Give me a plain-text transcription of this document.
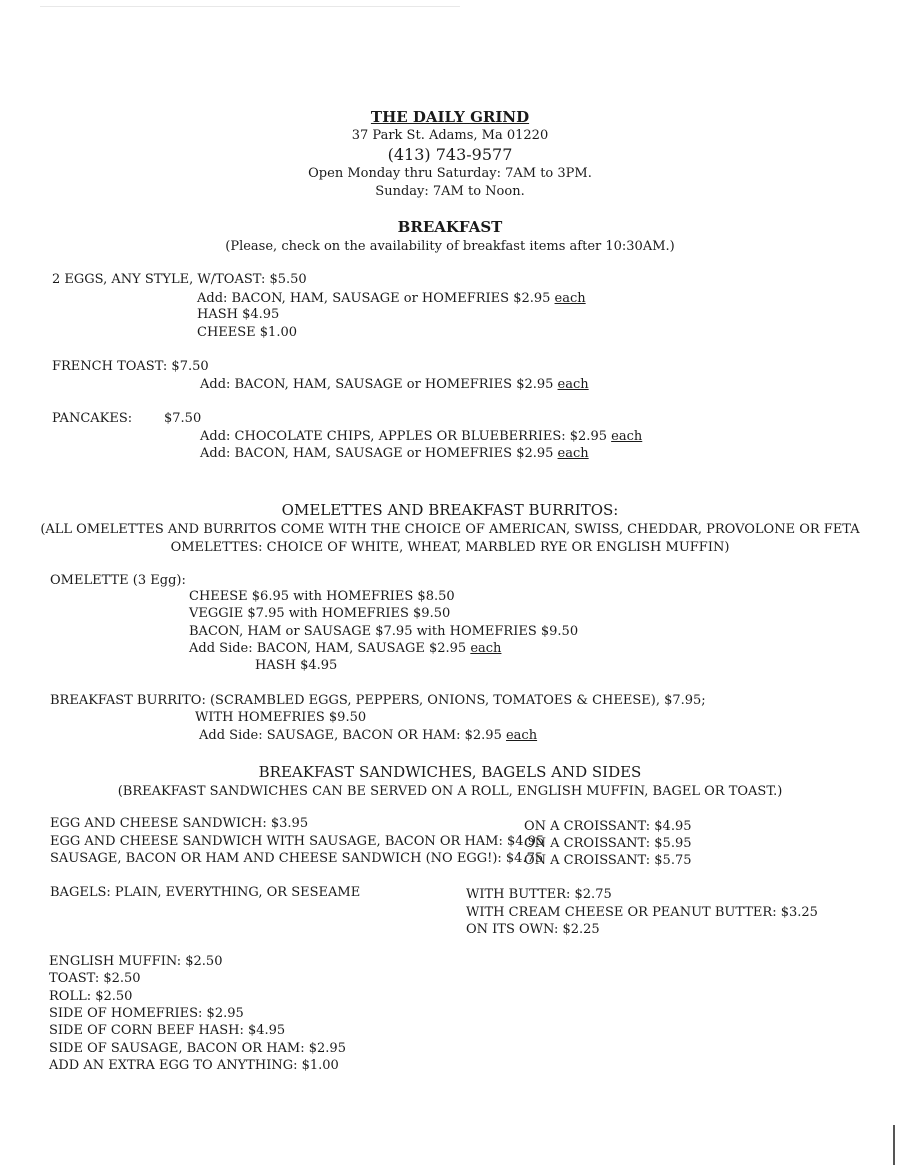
THE DAILY GRIND
37 Park St. Adams, Ma 01220
(413) 743-9577
Open Monday thru Saturday: 7AM to 3PM.
Sunday: 7AM to Noon.
BREAKFAST
(Please, check on the availability of breakfast items after 10:30AM.)
2 EGGS, ANY STYLE, W/TOAST: $5.50
Add: BACON, HAM, SAUSAGE or HOMEFRIES $2.95 each
HASH $4.95
CHEESE $1.00
FRENCH TOAST: $7.50
Add: BACON, HAM, SAUSAGE or HOMEFRIES $2.95 each
PANCAKES: $7.50
Add: CHOCOLATE CHIPS, APPLES OR BLUEBERRIES: $2.95 each
Add: BACON, HAM, SAUSAGE or HOMEFRIES $2.95 each
OMELETTES AND BREAKFAST BURRITOS:
(ALL OMELETTES AND BURRITOS COME WITH THE CHOICE OF AMERICAN, SWISS, CHEDDAR, PROVOLONE OR FETA
OMELETTES: CHOICE OF WHITE, WHEAT, MARBLED RYE OR ENGLISH MUFFIN)
OMELETTE (3 Egg):
CHEESE $6.95 with HOMEFRIES $8.50
VEGGIE $7.95 with HOMEFRIES $9.50
BACON, HAM or SAUSAGE $7.95 with HOMEFRIES $9.50
Add Side: BACON, HAM, SAUSAGE $2.95 each
HASH $4.95
BREAKFAST BURRITO: (SCRAMBLED EGGS, PEPPERS, ONIONS, TOMATOES & CHEESE), $7.95;
WITH HOMEFRIES $9.50
Add Side: SAUSAGE, BACON OR HAM: $2.95 each
BREAKFAST SANDWICHES, BAGELS AND SIDES
(BREAKFAST SANDWICHES CAN BE SERVED ON A ROLL, ENGLISH MUFFIN, BAGEL OR TOAST.)
EGG AND CHEESE SANDWICH: $3.95	ON A CROISSANT: $4.95
EGG AND CHEESE SANDWICH WITH SAUSAGE, BACON OR HAM: $4.95
ON A CROISSANT: $5.95
SAUSAGE, BACON OR HAM AND CHEESE SANDWICH (NO EGG!): $4.75
ON A CROISSANT: $5.75
BAGELS: PLAIN, EVERYTHING, OR SESEAME	WITH BUTTER: $2.75
WITH CREAM CHEESE OR PEANUT BUTTER: $3.25
ON ITS OWN: $2.25
ENGLISH MUFFIN: $2.50
TOAST: $2.50
ROLL: $2.50
SIDE OF HOMEFRIES: $2.95
SIDE OF CORN BEEF HASH: $4.95
SIDE OF SAUSAGE, BACON OR HAM: $2.95
ADD AN EXTRA EGG TO ANYTHING: $1.00
